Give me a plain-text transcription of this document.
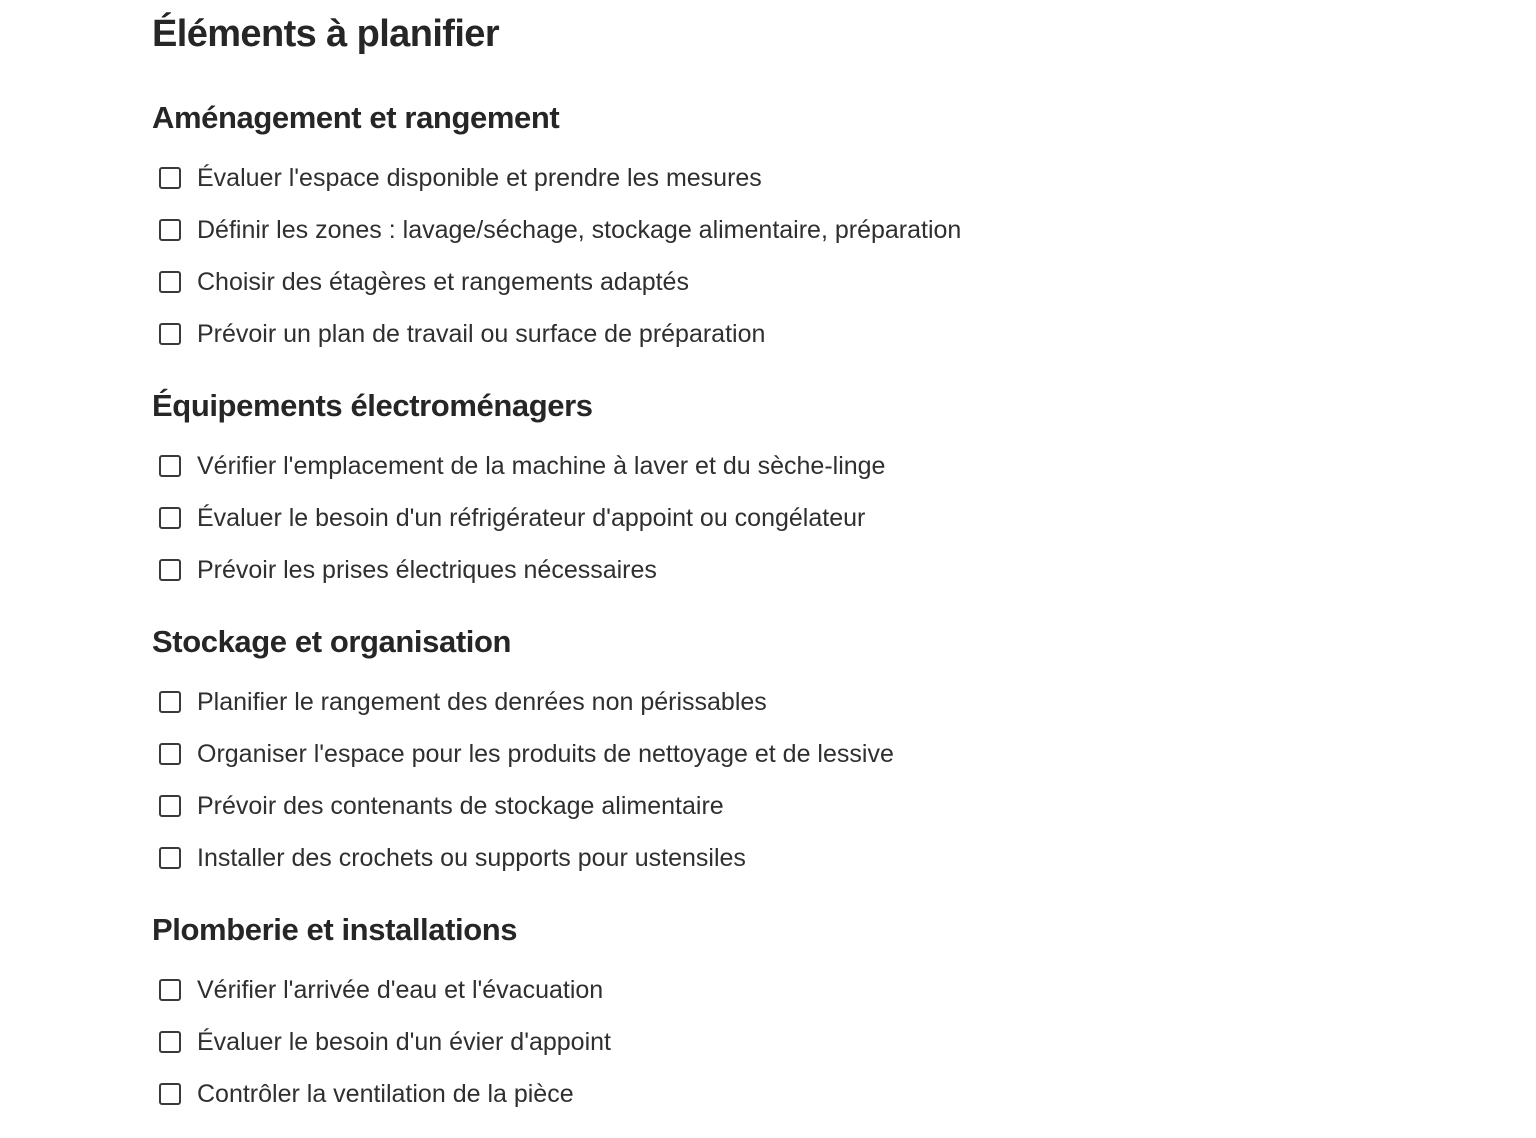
Éléments à planifier
Aménagement et rangement
Évaluer l'espace disponible et prendre les mesures
Définir les zones : lavage/séchage, stockage alimentaire, préparation
Choisir des étagères et rangements adaptés
Prévoir un plan de travail ou surface de préparation
Équipements électroménagers
Vérifier l'emplacement de la machine à laver et du sèche-linge
Évaluer le besoin d'un réfrigérateur d'appoint ou congélateur
Prévoir les prises électriques nécessaires
Stockage et organisation
Planifier le rangement des denrées non périssables
Organiser l'espace pour les produits de nettoyage et de lessive
Prévoir des contenants de stockage alimentaire
Installer des crochets ou supports pour ustensiles
Plomberie et installations
Vérifier l'arrivée d'eau et l'évacuation
Évaluer le besoin d'un évier d'appoint
Contrôler la ventilation de la pièce
